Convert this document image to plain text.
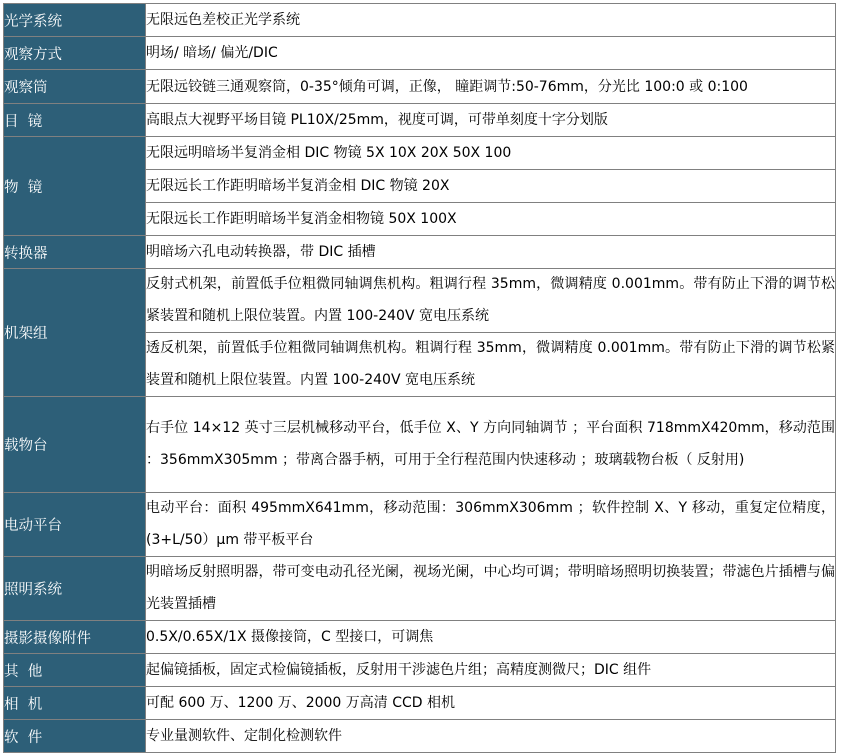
光学系统	无限远色差校正光学系统
观察方式	明场/ 暗场/ 偏光/DIC
观察筒	无限远铰链三通观察筒，0-35°倾角可调，正像， 瞳距调节:50-76mm，分光比 100:0 或 0:100
目  镜	高眼点大视野平场目镜 PL10X/25mm，视度可调，可带单刻度十字分划版
物  镜	无限远明暗场半复消金相 DIC 物镜 5X 10X 20X 50X 100
	无限远长工作距明暗场半复消金相 DIC 物镜 20X
	无限远长工作距明暗场半复消金相物镜 50X 100X
转换器	明暗场六孔电动转换器，带 DIC 插槽
机架组	反射式机架，前置低手位粗微同轴调焦机构。粗调行程 35mm，微调精度 0.001mm。带有防止下滑的调节松紧装置和随机上限位装置。内置 100-240V 宽电压系统
	透反机架，前置低手位粗微同轴调焦机构。粗调行程 35mm，微调精度 0.001mm。带有防止下滑的调节松紧装置和随机上限位装置。内置 100-240V 宽电压系统
载物台	右手位 14×12 英寸三层机械移动平台，低手位 X、Y 方向同轴调节 ；平台面积 718mmX420mm，移动范围 ：356mmX305mm ；带离合器手柄，可用于全行程范围内快速移动 ；玻璃载物台板（ 反射用)
电动平台	电动平台：面积 495mmX641mm，移动范围：306mmX306mm ；软件控制 X、Y 移动，重复定位精度，(3+L/50）μm 带平板平台
照明系统	明暗场反射照明器，带可变电动孔径光阑，视场光阑，中心均可调；带明暗场照明切换装置；带滤色片插槽与偏光装置插槽
摄影摄像附件	0.5X/0.65X/1X 摄像接筒，C 型接口，可调焦
其  他	起偏镜插板，固定式检偏镜插板，反射用干涉滤色片组；高精度测微尺；DIC 组件
相  机	可配 600 万、1200 万、2000 万高清 CCD 相机
软  件	专业量测软件、定制化检测软件
